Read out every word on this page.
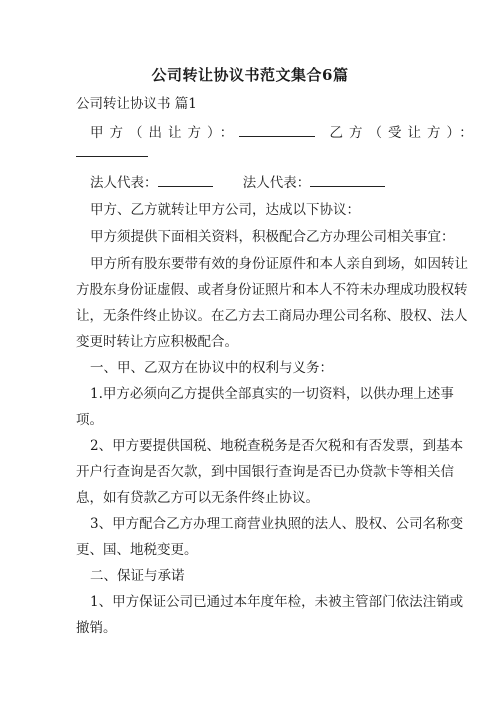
公司转让协议书范文集合6篇
公司转让协议书 篇1
甲方（出让方）：	乙方（受让方）：
法人代表：	法人代表：
甲方、乙方就转让甲方公司，达成以下协议：
甲方须提供下面相关资料，积极配合乙方办理公司相关事宜：
甲方所有股东要带有效的身份证原件和本人亲自到场，如因转让
方股东身份证虚假、或者身份证照片和本人不符未办理成功股权转
让，无条件终止协议。在乙方去工商局办理公司名称、股权、法人
变更时转让方应积极配合。
一、甲、乙双方在协议中的权利与义务：
1.甲方必须向乙方提供全部真实的一切资料，以供办理上述事
项。
2、甲方要提供国税、地税查税务是否欠税和有否发票，到基本
开户行查询是否欠款，到中国银行查询是否已办贷款卡等相关信
息，如有贷款乙方可以无条件终止协议。
3、甲方配合乙方办理工商营业执照的法人、股权、公司名称变
更、国、地税变更。
二、保证与承诺
1、甲方保证公司已通过本年度年检，未被主管部门依法注销或
撤销。
